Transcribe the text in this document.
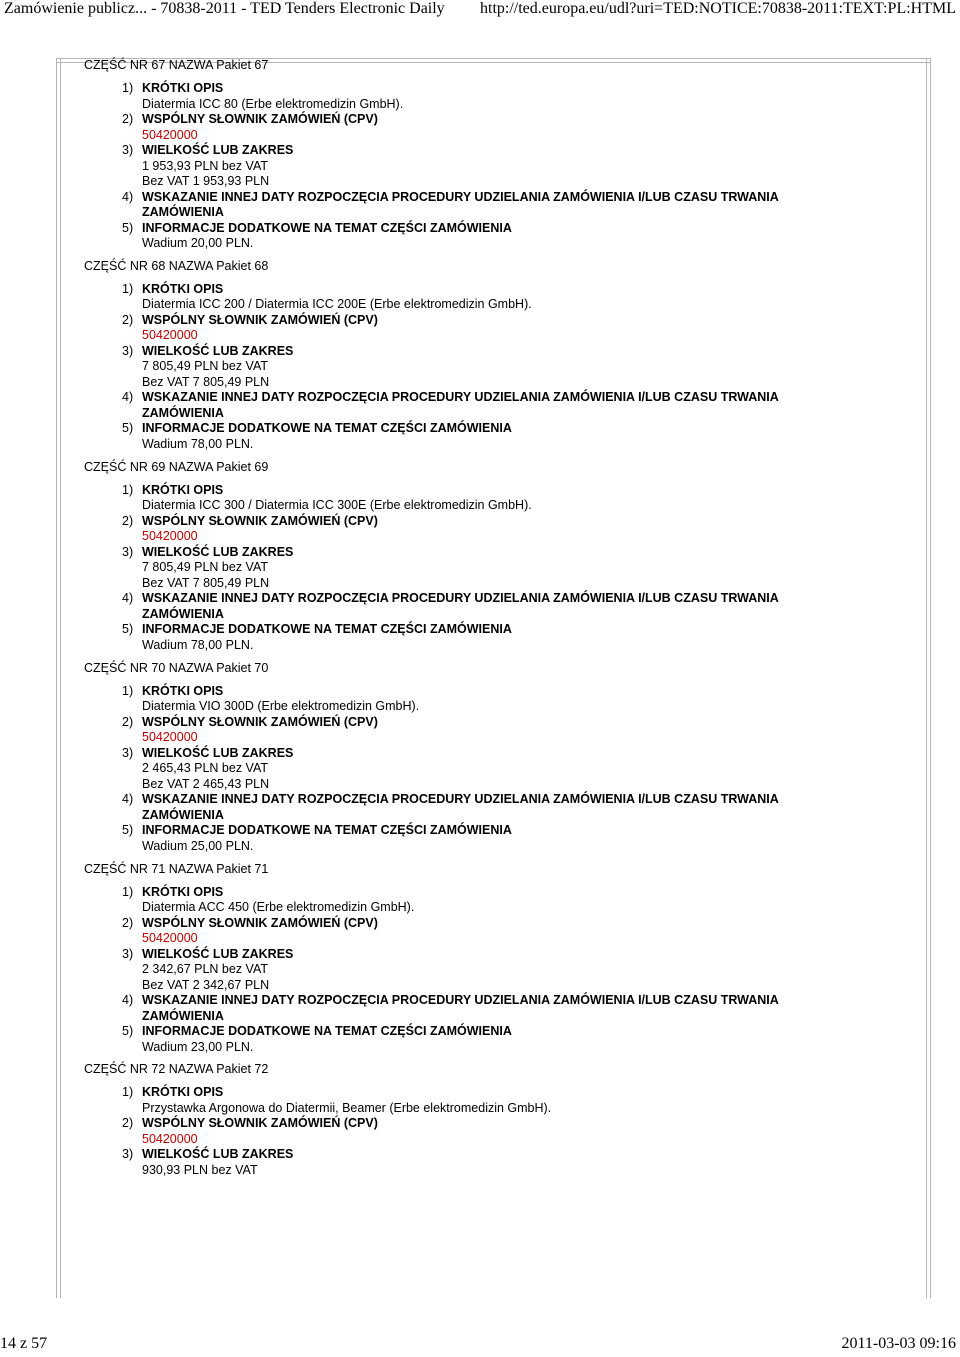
Zamówienie publicz... - 70838-2011 - TED Tenders Electronic Daily http://ted.europa.eu/udl?uri=TED:NOTICE:70838-2011:TEXT:PL:HTML
CZĘŚĆ NR 67 NAZWA Pakiet 67
1) KRÓTKI OPIS
Diatermia ICC 80 (Erbe elektromedizin GmbH).
2) WSPÓLNY SŁOWNIK ZAMÓWIEŃ (CPV)
50420000
3) WIELKOŚĆ LUB ZAKRES
1 953,93 PLN bez VAT
Bez VAT 1 953,93 PLN
4) WSKAZANIE INNEJ DATY ROZPOCZĘCIA PROCEDURY UDZIELANIA ZAMÓWIENIA I/LUB CZASU TRWANIA
ZAMÓWIENIA
5) INFORMACJE DODATKOWE NA TEMAT CZĘŚCI ZAMÓWIENIA
Wadium 20,00 PLN.
CZĘŚĆ NR 68 NAZWA Pakiet 68
1) KRÓTKI OPIS
Diatermia ICC 200 / Diatermia ICC 200E (Erbe elektromedizin GmbH).
2) WSPÓLNY SŁOWNIK ZAMÓWIEŃ (CPV)
50420000
3) WIELKOŚĆ LUB ZAKRES
7 805,49 PLN bez VAT
Bez VAT 7 805,49 PLN
4) WSKAZANIE INNEJ DATY ROZPOCZĘCIA PROCEDURY UDZIELANIA ZAMÓWIENIA I/LUB CZASU TRWANIA
ZAMÓWIENIA
5) INFORMACJE DODATKOWE NA TEMAT CZĘŚCI ZAMÓWIENIA
Wadium 78,00 PLN.
CZĘŚĆ NR 69 NAZWA Pakiet 69
1) KRÓTKI OPIS
Diatermia ICC 300 / Diatermia ICC 300E (Erbe elektromedizin GmbH).
2) WSPÓLNY SŁOWNIK ZAMÓWIEŃ (CPV)
50420000
3) WIELKOŚĆ LUB ZAKRES
7 805,49 PLN bez VAT
Bez VAT 7 805,49 PLN
4) WSKAZANIE INNEJ DATY ROZPOCZĘCIA PROCEDURY UDZIELANIA ZAMÓWIENIA I/LUB CZASU TRWANIA
ZAMÓWIENIA
5) INFORMACJE DODATKOWE NA TEMAT CZĘŚCI ZAMÓWIENIA
Wadium 78,00 PLN.
CZĘŚĆ NR 70 NAZWA Pakiet 70
1) KRÓTKI OPIS
Diatermia VIO 300D (Erbe elektromedizin GmbH).
2) WSPÓLNY SŁOWNIK ZAMÓWIEŃ (CPV)
50420000
3) WIELKOŚĆ LUB ZAKRES
2 465,43 PLN bez VAT
Bez VAT 2 465,43 PLN
4) WSKAZANIE INNEJ DATY ROZPOCZĘCIA PROCEDURY UDZIELANIA ZAMÓWIENIA I/LUB CZASU TRWANIA
ZAMÓWIENIA
5) INFORMACJE DODATKOWE NA TEMAT CZĘŚCI ZAMÓWIENIA
Wadium 25,00 PLN.
CZĘŚĆ NR 71 NAZWA Pakiet 71
1) KRÓTKI OPIS
Diatermia ACC 450 (Erbe elektromedizin GmbH).
2) WSPÓLNY SŁOWNIK ZAMÓWIEŃ (CPV)
50420000
3) WIELKOŚĆ LUB ZAKRES
2 342,67 PLN bez VAT
Bez VAT 2 342,67 PLN
4) WSKAZANIE INNEJ DATY ROZPOCZĘCIA PROCEDURY UDZIELANIA ZAMÓWIENIA I/LUB CZASU TRWANIA
ZAMÓWIENIA
5) INFORMACJE DODATKOWE NA TEMAT CZĘŚCI ZAMÓWIENIA
Wadium 23,00 PLN.
CZĘŚĆ NR 72 NAZWA Pakiet 72
1) KRÓTKI OPIS
Przystawka Argonowa do Diatermii, Beamer (Erbe elektromedizin GmbH).
2) WSPÓLNY SŁOWNIK ZAMÓWIEŃ (CPV)
50420000
3) WIELKOŚĆ LUB ZAKRES
930,93 PLN bez VAT
14 z 57	2011-03-03 09:16
